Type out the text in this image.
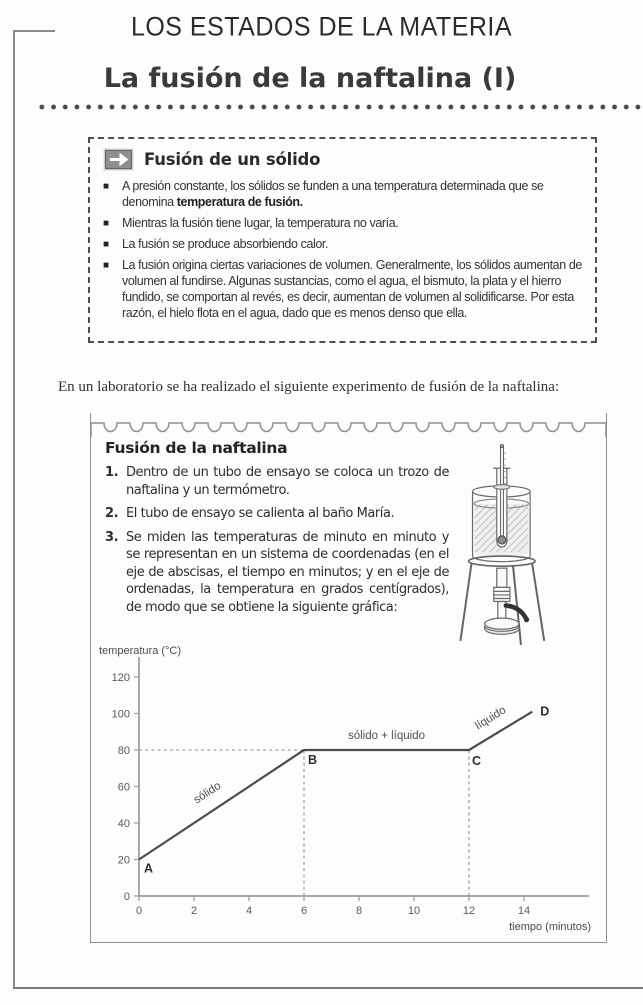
LOS ESTADOS DE LA MATERIA
La fusión de la naftalina (I)
Fusión de un sólido
■ A presión constante, los sólidos se funden a una temperatura determinada que se denomina temperatura de fusión.
■ Mientras la fusión tiene lugar, la temperatura no varía.
■ La fusión se produce absorbiendo calor.
■ La fusión origina ciertas variaciones de volumen. Generalmente, los sólidos aumentan de volumen al fundirse. Algunas sustancias, como el agua, el bismuto, la plata y el hierro fundido, se comportan al revés, es decir, aumentan de volumen al solidificarse. Por esta razón, el hielo flota en el agua, dado que es menos denso que ella.
En un laboratorio se ha realizado el siguiente experimento de fusión de la naftalina:
Fusión de la naftalina
1. Dentro de un tubo de ensayo se coloca un trozo de naftalina y un termómetro.
2. El tubo de ensayo se calienta al baño María.
3. Se miden las temperaturas de minuto en minuto y se representan en un sistema de coordenadas (en el eje de abscisas, el tiempo en minutos; y en el eje de ordenadas, la temperatura en grados centígrados), de modo que se obtiene la siguiente gráfica:
0
20
40
60
80
100
120
0	2	4	6	8	10	12	14
temperatura (°C)
tiempo (minutos)
A
B	C
D
sólido
sólido + líquido
líquido
